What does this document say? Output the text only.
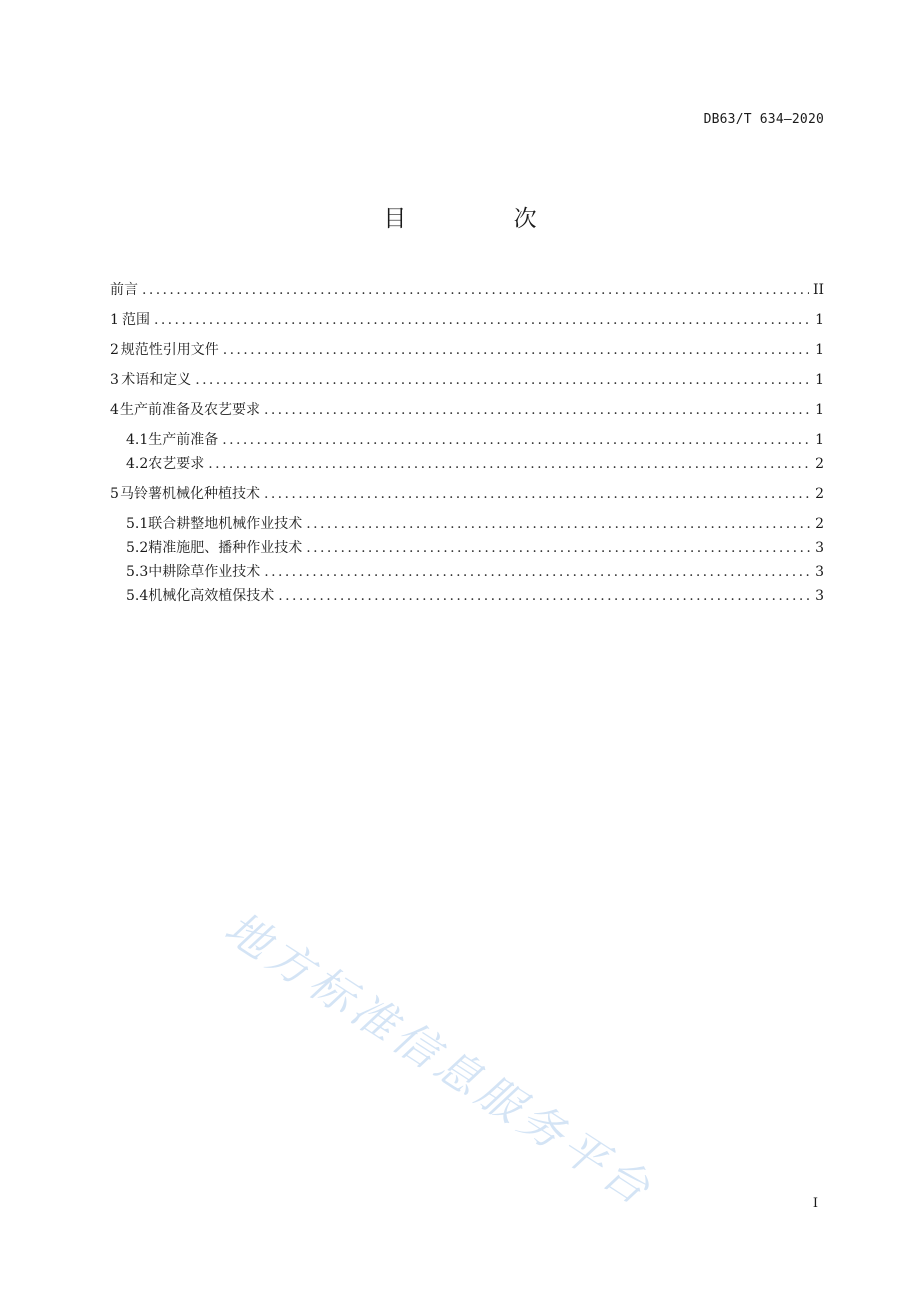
DB63/T 634—2020
目 次
前言 .....	II
1 范围 .....	1
2 规范性引用文件 .....	1
3 术语和定义 .....	1
4 生产前准备及农艺要求 .....	1
4.1 生产前准备 .....	1
4.2 农艺要求 .....	2
5 马铃薯机械化种植技术 .....	2
5.1 联合耕整地机械作业技术 .....	2
5.2 精准施肥、播种作业技术 .....	3
5.3 中耕除草作业技术 .....	3
5.4 机械化高效植保技术 .....	3
地方标准信息服务平台	I
